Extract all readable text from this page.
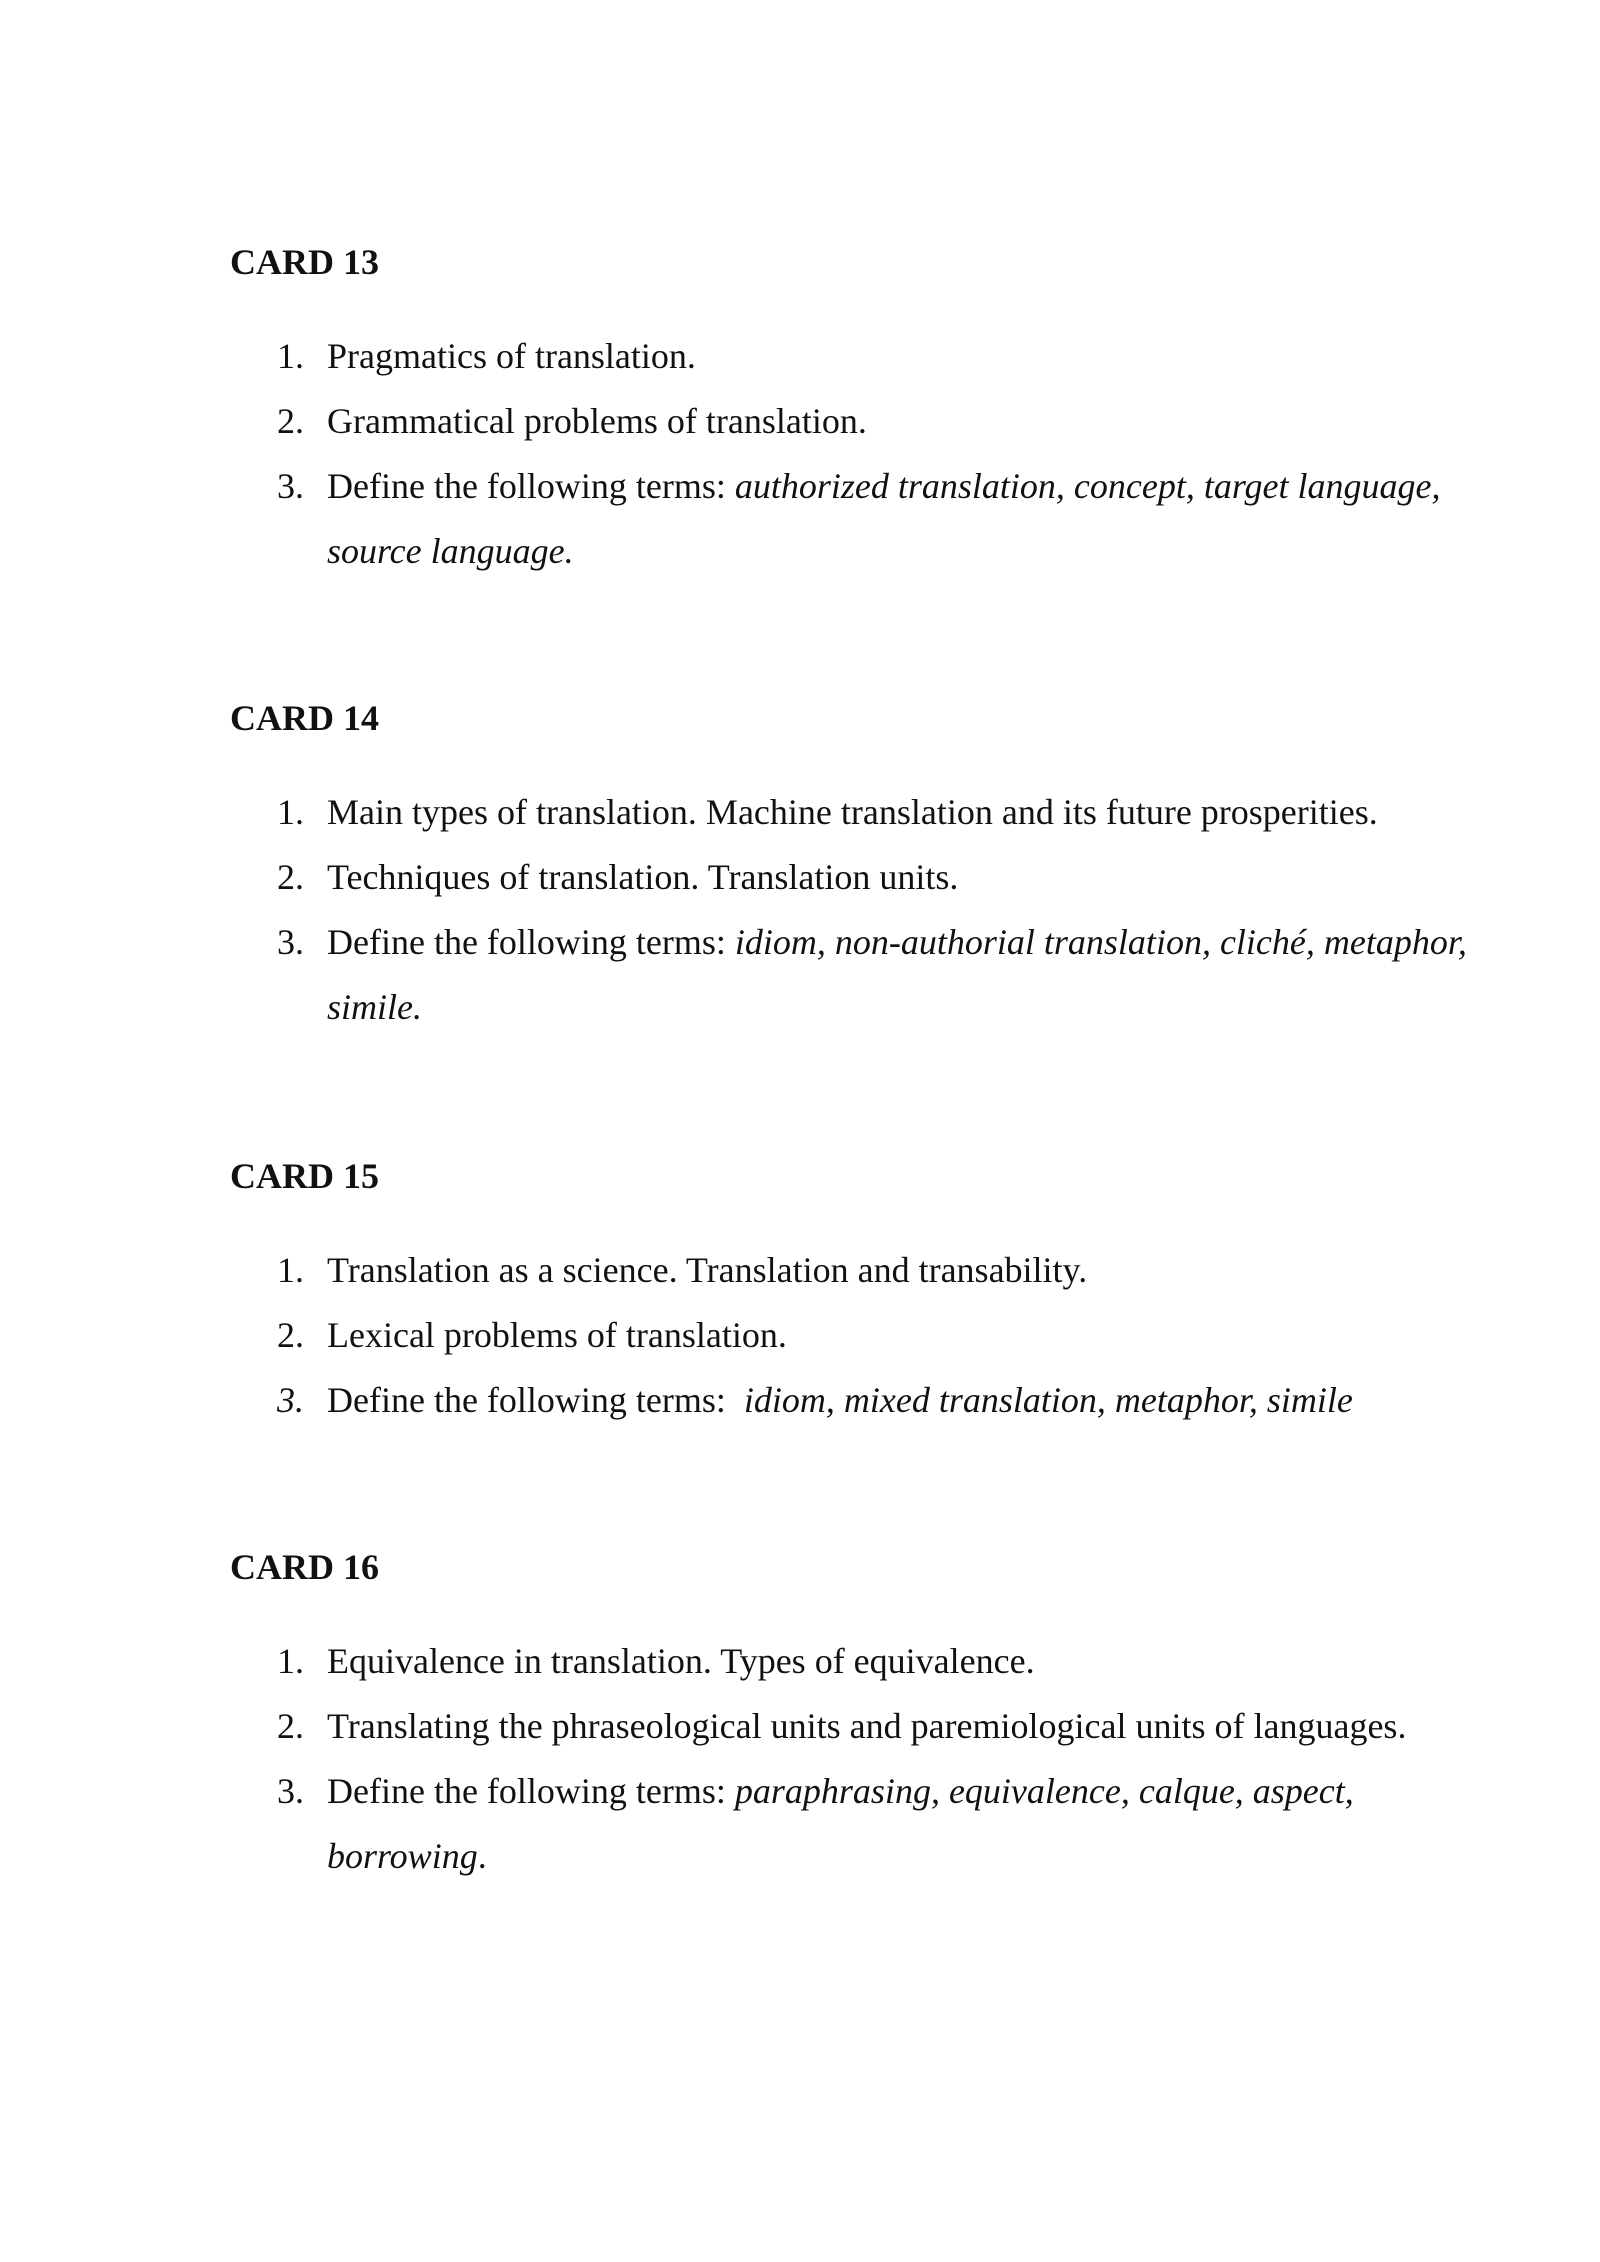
CARD 13
1. Pragmatics of translation.
2. Grammatical problems of translation.
3. Define the following terms: authorized translation, concept, target language, source language.
CARD 14
1. Main types of translation. Machine translation and its future prosperities.
2. Techniques of translation. Translation units.
3. Define the following terms: idiom, non-authorial translation, cliché, metaphor, simile.
CARD 15
1. Translation as a science. Translation and transability.
2. Lexical problems of translation.
3. Define the following terms:  idiom, mixed translation, metaphor, simile
CARD 16
1. Equivalence in translation. Types of equivalence.
2. Translating the phraseological units and paremiological units of languages.
3. Define the following terms: paraphrasing, equivalence, calque, aspect, borrowing.
